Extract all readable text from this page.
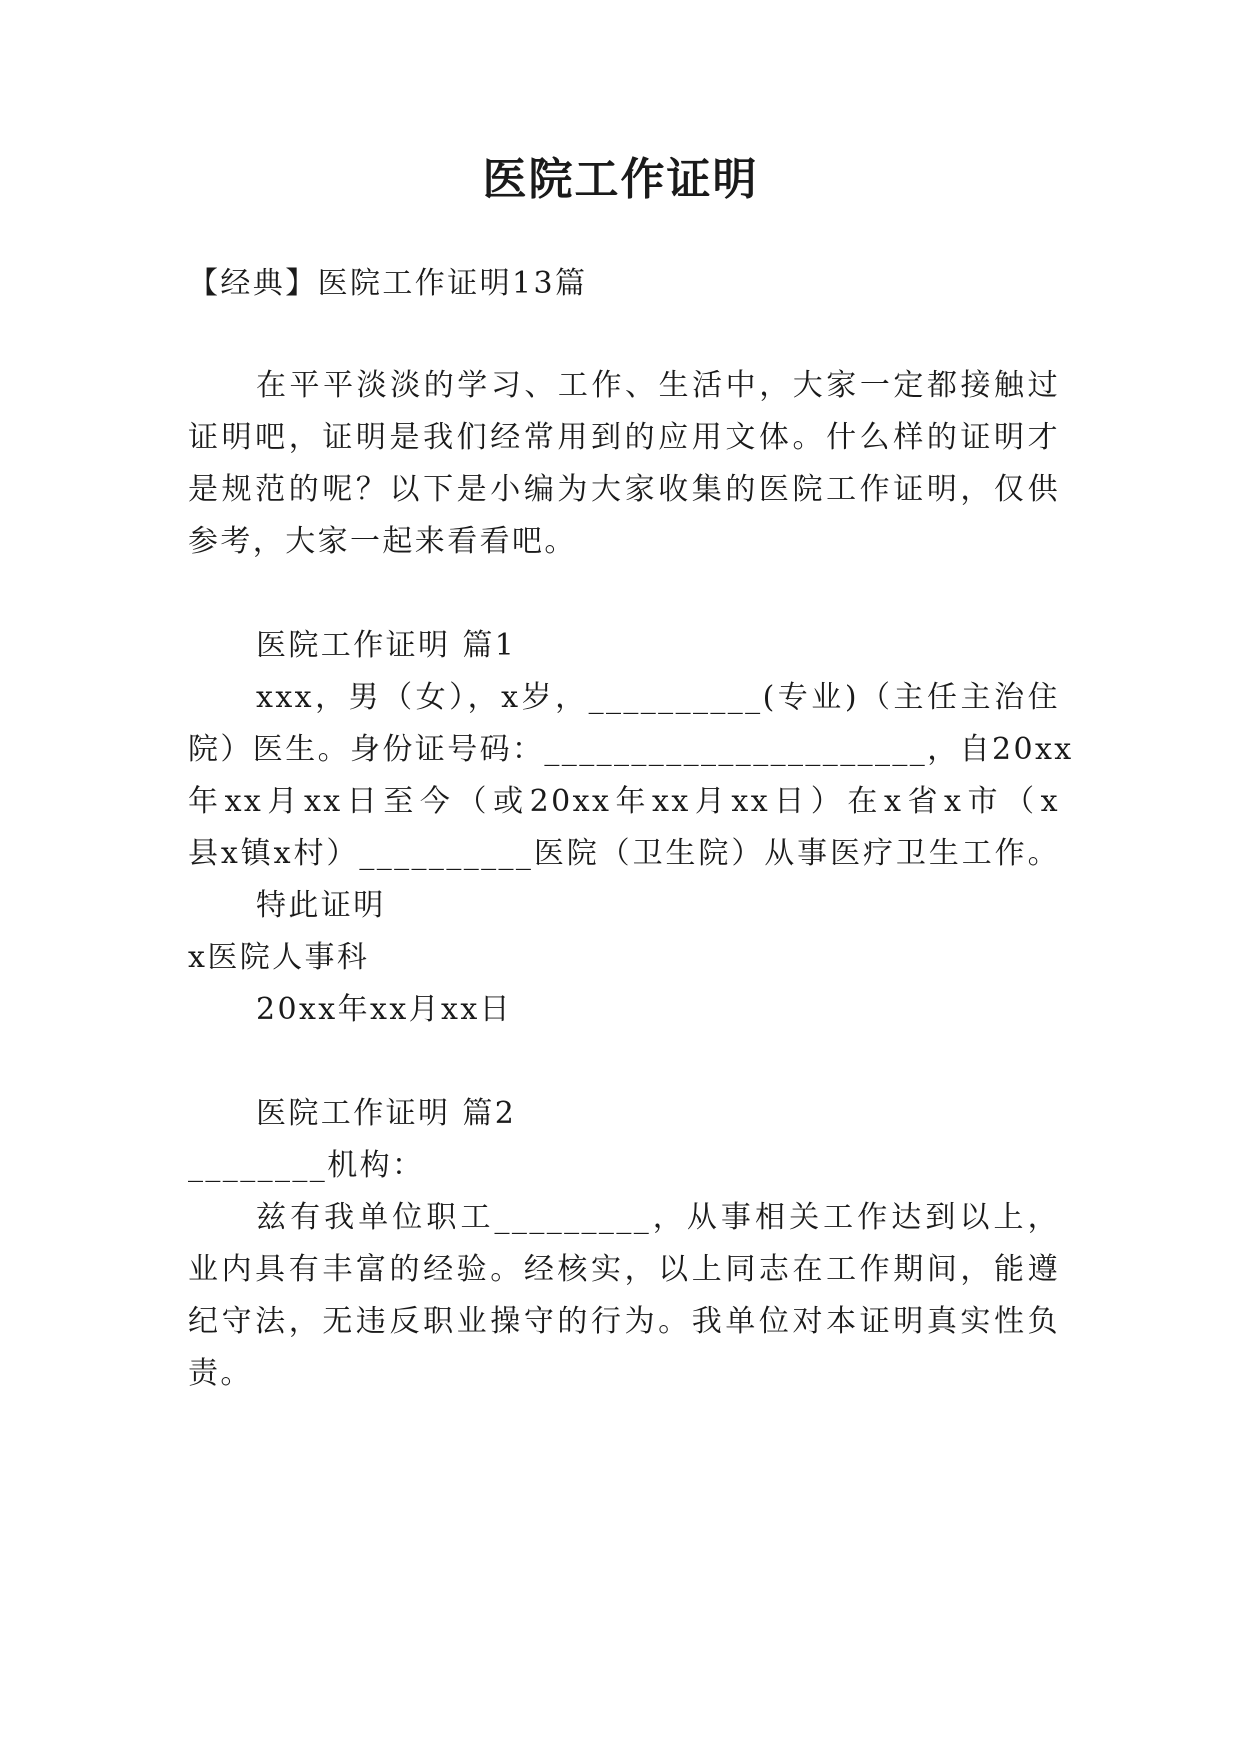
医院工作证明
【经典】医院工作证明13篇
在平平淡淡的学习、工作、生活中，大家一定都接触过
证明吧，证明是我们经常用到的应用文体。什么样的证明才
是规范的呢？以下是小编为大家收集的医院工作证明，仅供
参考，大家一起来看看吧。
医院工作证明 篇1
xxx，男（女），x岁，__________(专业)（主任主治住
院）医生。身份证号码：______________________，自20xx
年xx月xx日至今（或20xx年xx月xx日）在x省x市（x
县x镇x村）__________医院（卫生院）从事医疗卫生工作。
特此证明
x医院人事科
20xx年xx月xx日
医院工作证明 篇2
________机构：
兹有我单位职工_________，从事相关工作达到以上，
业内具有丰富的经验。经核实，以上同志在工作期间，能遵
纪守法，无违反职业操守的行为。我单位对本证明真实性负
责。
